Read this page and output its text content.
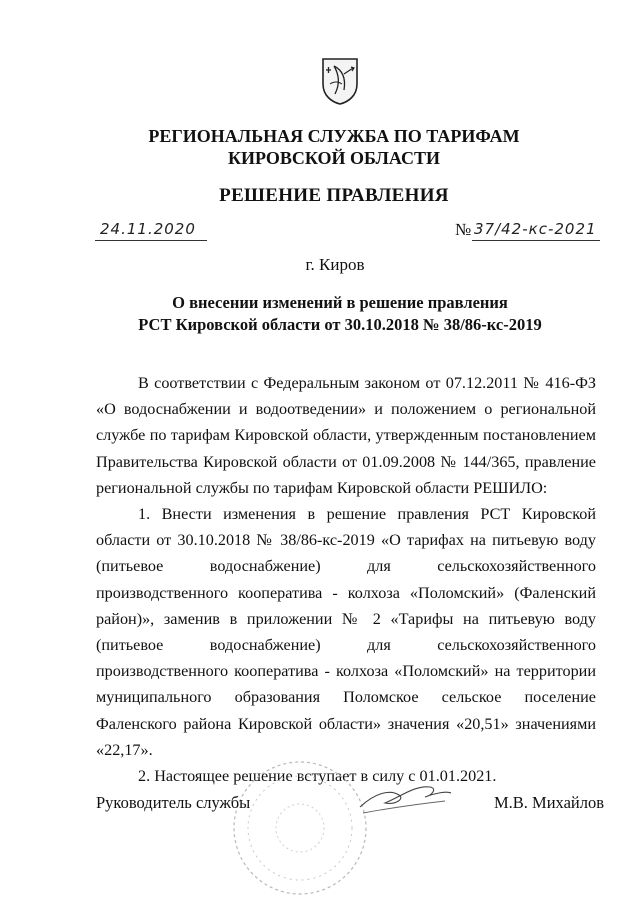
РЕГИОНАЛЬНАЯ СЛУЖБА ПО ТАРИФАМ
КИРОВСКОЙ ОБЛАСТИ
РЕШЕНИЕ ПРАВЛЕНИЯ
24.11.2020	№ 37/42-кс-2021
г. Киров
О внесении изменений в решение правления
РСТ Кировской области от 30.10.2018 № 38/86-кс-2019

В соответствии с Федеральным законом от 07.12.2011 № 416-ФЗ «О водоснабжении и водоотведении» и положением о региональной службе по тарифам Кировской области, утвержденным постановлением Правительства Кировской области от 01.09.2008 № 144/365, правление региональной службы по тарифам Кировской области РЕШИЛО:

1. Внести изменения в решение правления РСТ Кировской области от 30.10.2018 № 38/86-кс-2019 «О тарифах на питьевую воду (питьевое водоснабжение) для сельскохозяйственного производственного кооператива - колхоза «Поломский» (Фаленский район)», заменив в приложении № 2 «Тарифы на питьевую воду (питьевое водоснабжение) для сельскохозяйственного производственного кооператива - колхоза «Поломский» на территории муниципального образования Поломское сельское поселение Фаленского района Кировской области» значения «20,51» значениями «22,17».

2. Настоящее решение вступает в силу с 01.01.2021.

Руководитель службы	М.В. Михайлов
